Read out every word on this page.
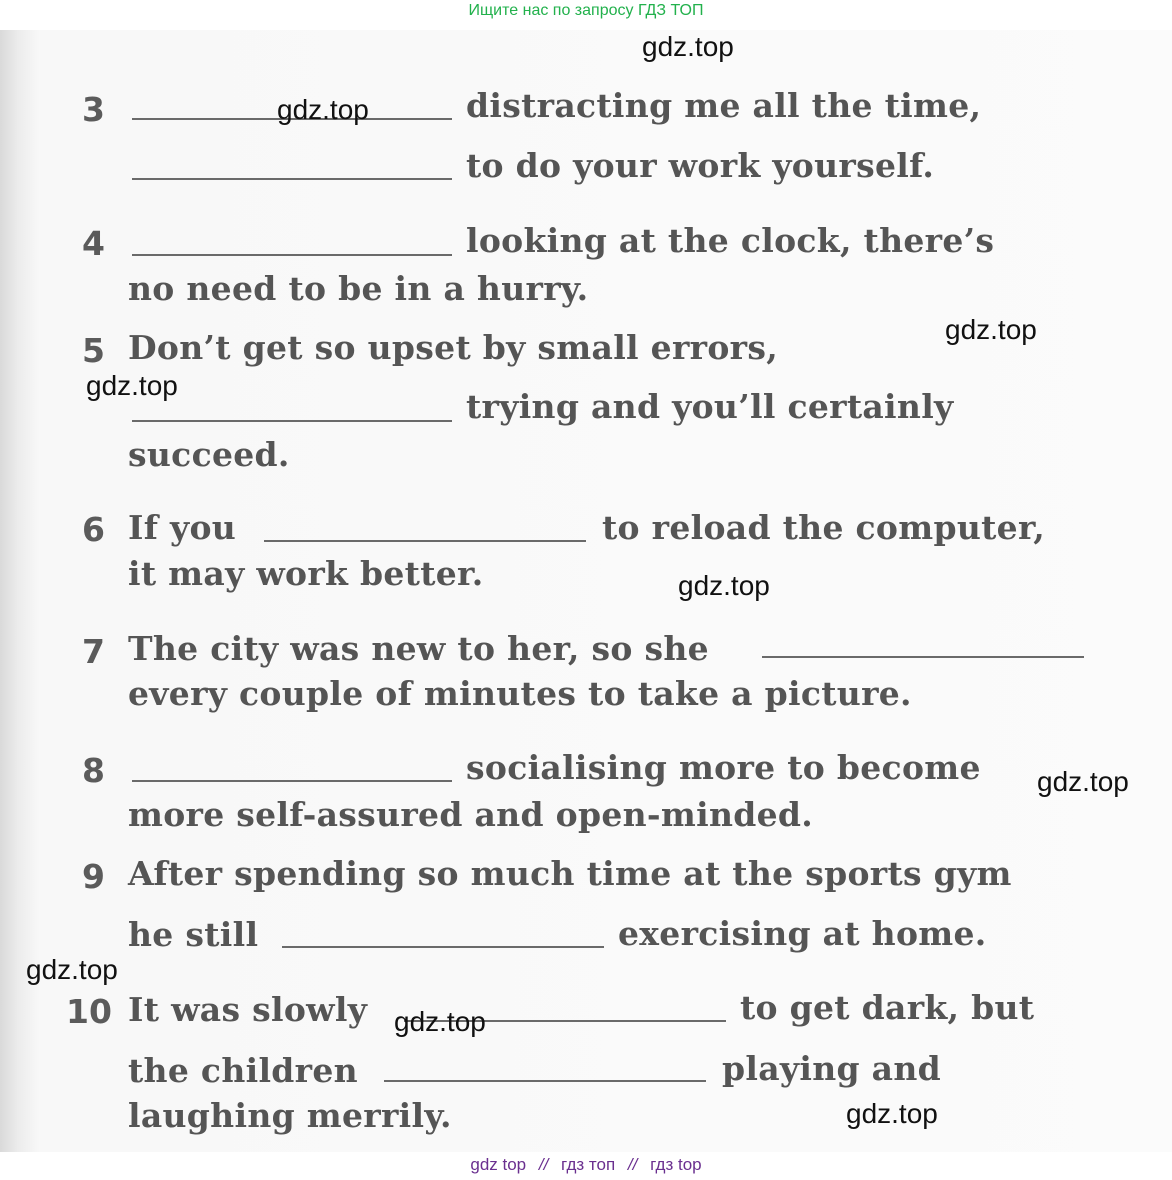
Ищите нас по запросу ГДЗ ТОП
3	distracting me all the time,
to do your work yourself.
4	looking at the clock, there’s
no need to be in a hurry.
5 Don’t get so upset by small errors,
trying and you’ll certainly
succeed.
6 If you	to reload the computer,
it may work better.
7 The city was new to her, so she
every couple of minutes to take a picture.
8	socialising more to become
more self-assured and open-minded.
9 After spending so much time at the sports gym
he still	exercising at home.
10 It was slowly	to get dark, but
the children	playing and
laughing merrily.
gdz.top
gdz.top
gdz.top
gdz.top
gdz.top
gdz.top
gdz.top
gdz.top
gdz.top
gdz top // гдз топ // гдз top
